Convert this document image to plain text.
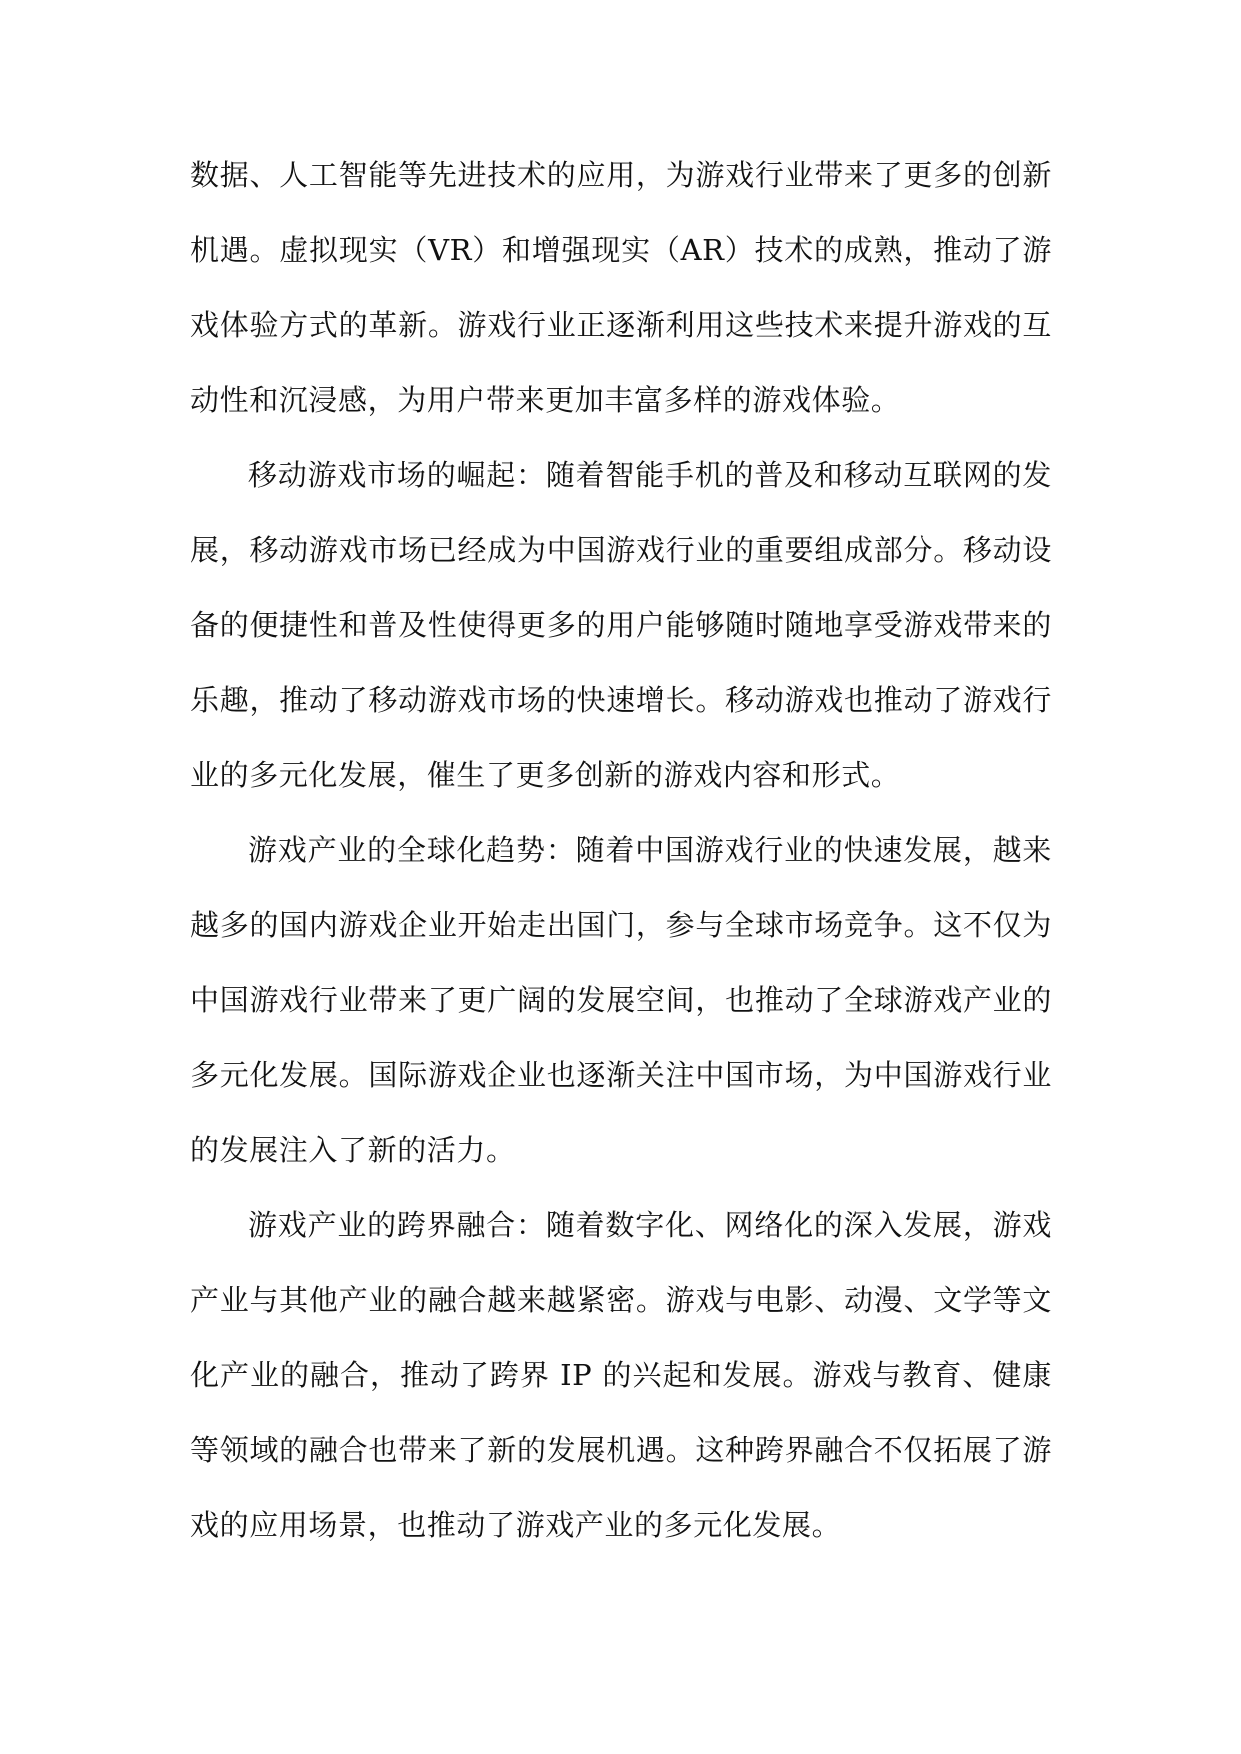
数据、人工智能等先进技术的应用，为游戏行业带来了更多的创新机遇。虚拟现实（VR）和增强现实（AR）技术的成熟，推动了游戏体验方式的革新。游戏行业正逐渐利用这些技术来提升游戏的互动性和沉浸感，为用户带来更加丰富多样的游戏体验。

移动游戏市场的崛起：随着智能手机的普及和移动互联网的发展，移动游戏市场已经成为中国游戏行业的重要组成部分。移动设备的便捷性和普及性使得更多的用户能够随时随地享受游戏带来的乐趣，推动了移动游戏市场的快速增长。移动游戏也推动了游戏行业的多元化发展，催生了更多创新的游戏内容和形式。

游戏产业的全球化趋势：随着中国游戏行业的快速发展，越来越多的国内游戏企业开始走出国门，参与全球市场竞争。这不仅为中国游戏行业带来了更广阔的发展空间，也推动了全球游戏产业的多元化发展。国际游戏企业也逐渐关注中国市场，为中国游戏行业的发展注入了新的活力。

游戏产业的跨界融合：随着数字化、网络化的深入发展，游戏产业与其他产业的融合越来越紧密。游戏与电影、动漫、文学等文化产业的融合，推动了跨界 IP 的兴起和发展。游戏与教育、健康等领域的融合也带来了新的发展机遇。这种跨界融合不仅拓展了游戏的应用场景，也推动了游戏产业的多元化发展。
